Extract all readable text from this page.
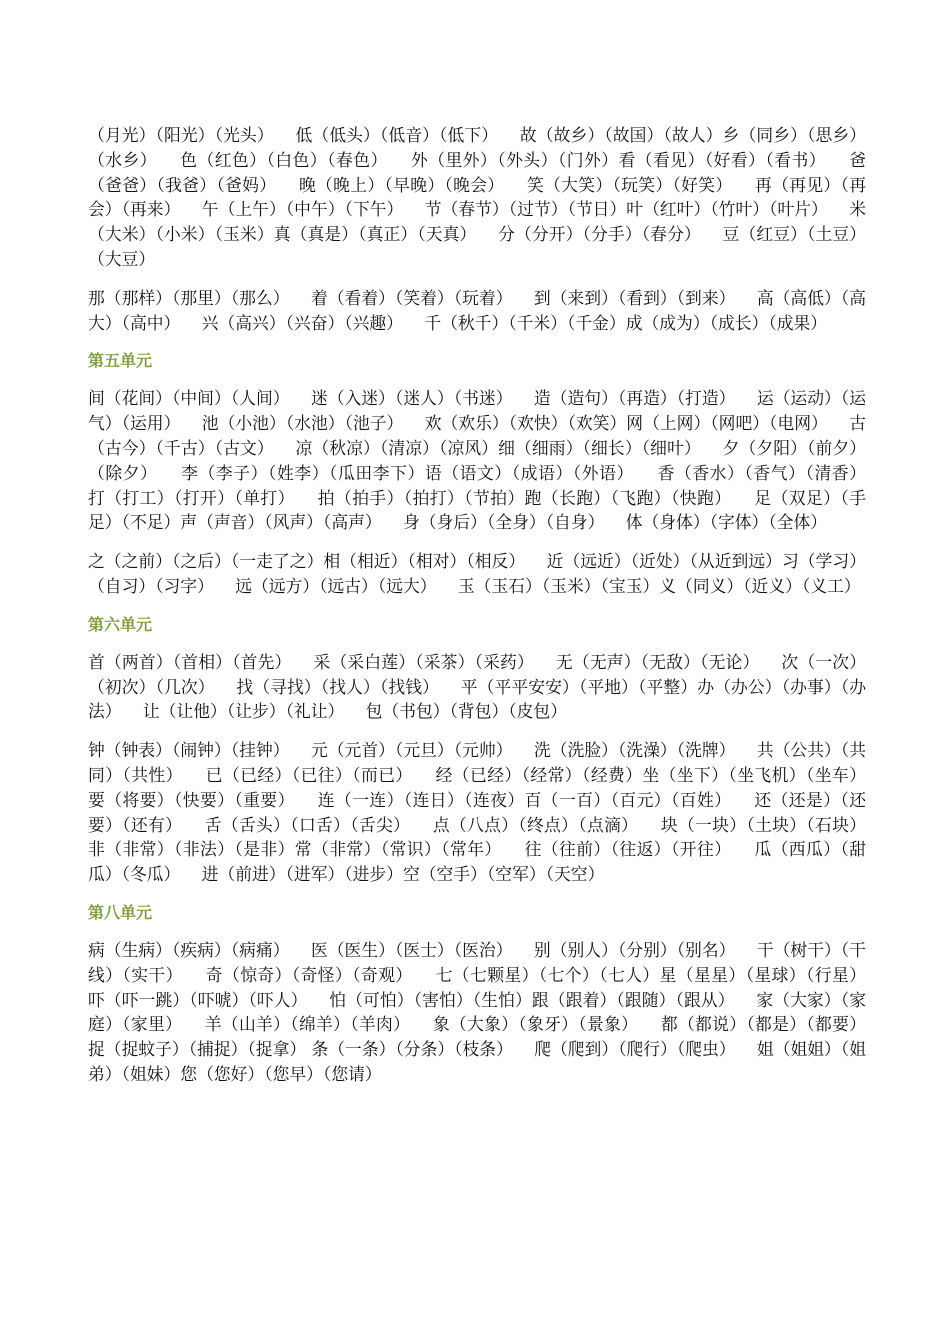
（月光）（阳光）（光头）    低（低头）（低音）（低下）    故（故乡）（故国）（故人）乡（同乡）（思乡）（水乡）    色（红色）（白色）（春色）    外（里外）（外头）（门外）看（看见）（好看）（看书）    爸（爸爸）（我爸）（爸妈）    晚（晚上）（早晚）（晚会）    笑（大笑）（玩笑）（好笑）    再（再见）（再会）（再来）    午（上午）（中午）（下午）    节（春节）（过节）（节日）叶（红叶）（竹叶）（叶片）    米（大米）（小米）（玉米）真（真是）（真正）（天真）    分（分开）（分手）（春分）    豆（红豆）（土豆）（大豆）

那（那样）（那里）（那么）    着（看着）（笑着）（玩着）    到（来到）（看到）（到来）    高（高低）（高大）（高中）    兴（高兴）（兴奋）（兴趣）    千（秋千）（千米）（千金）成（成为）（成长）（成果）

第五单元

间（花间）（中间）（人间）    迷（入迷）（迷人）（书迷）    造（造句）（再造）（打造）    运（运动）（运气）（运用）    池（小池）（水池）（池子）    欢（欢乐）（欢快）（欢笑）网（上网）（网吧）（电网）    古（古今）（千古）（古文）    凉（秋凉）（清凉）（凉风）细（细雨）（细长）（细叶）    夕（夕阳）（前夕）（除夕）    李（李子）（姓李）（瓜田李下）语（语文）（成语）（外语）    香（香水）（香气）（清香）    打（打工）（打开）（单打）    拍（拍手）（拍打）（节拍）跑（长跑）（飞跑）（快跑）    足（双足）（手足）（不足）声（声音）（风声）（高声）    身（身后）（全身）（自身）    体（身体）（字体）（全体）

之（之前）（之后）（一走了之）相（相近）（相对）（相反）    近（远近）（近处）（从近到远）习（学习）（自习）（习字）    远（远方）（远古）（远大）    玉（玉石）（玉米）（宝玉）义（同义）（近义）（义工）

第六单元

首（两首）（首相）（首先）    采（采白莲）（采茶）（采药）    无（无声）（无敌）（无论）    次（一次）（初次）（几次）    找（寻找）（找人）（找钱）    平（平平安安）（平地）（平整）办（办公）（办事）（办法）    让（让他）（让步）（礼让）    包（书包）（背包）（皮包）

钟（钟表）（闹钟）（挂钟）    元（元首）（元旦）（元帅）    洗（洗脸）（洗澡）（洗牌）    共（公共）（共同）（共性）    已（已经）（已往）（而已）    经（已经）（经常）（经费）坐（坐下）（坐飞机）（坐车）  要（将要）（快要）（重要）    连（一连）（连日）（连夜）百（一百）（百元）（百姓）    还（还是）（还要）（还有）    舌（舌头）（口舌）（舌尖）    点（八点）（终点）（点滴）    块（一块）（土块）（石块）    非（非常）（非法）（是非）常（非常）（常识）（常年）    往（往前）（往返）（开往）    瓜（西瓜）（甜瓜）（冬瓜）    进（前进）（进军）（进步）空（空手）（空军）（天空）

第八单元

病（生病）（疾病）（病痛）    医（医生）（医士）（医治）    别（别人）（分别）（别名）    干（树干）（干线）（实干）    奇（惊奇）（奇怪）（奇观）    七（七颗星）（七个）（七人）星（星星）（星球）（行星）    吓（吓一跳）（吓唬）（吓人）    怕（可怕）（害怕）（生怕）跟（跟着）（跟随）（跟从）    家（大家）（家庭）（家里）    羊（山羊）（绵羊）（羊肉）    象（大象）（象牙）（景象）    都（都说）（都是）（都要）    捉（捉蚊子）（捕捉）（捉拿） 条（一条）（分条）（枝条）    爬（爬到）（爬行）（爬虫）    姐（姐姐）（姐弟）（姐妹）您（您好）（您早）（您请）
